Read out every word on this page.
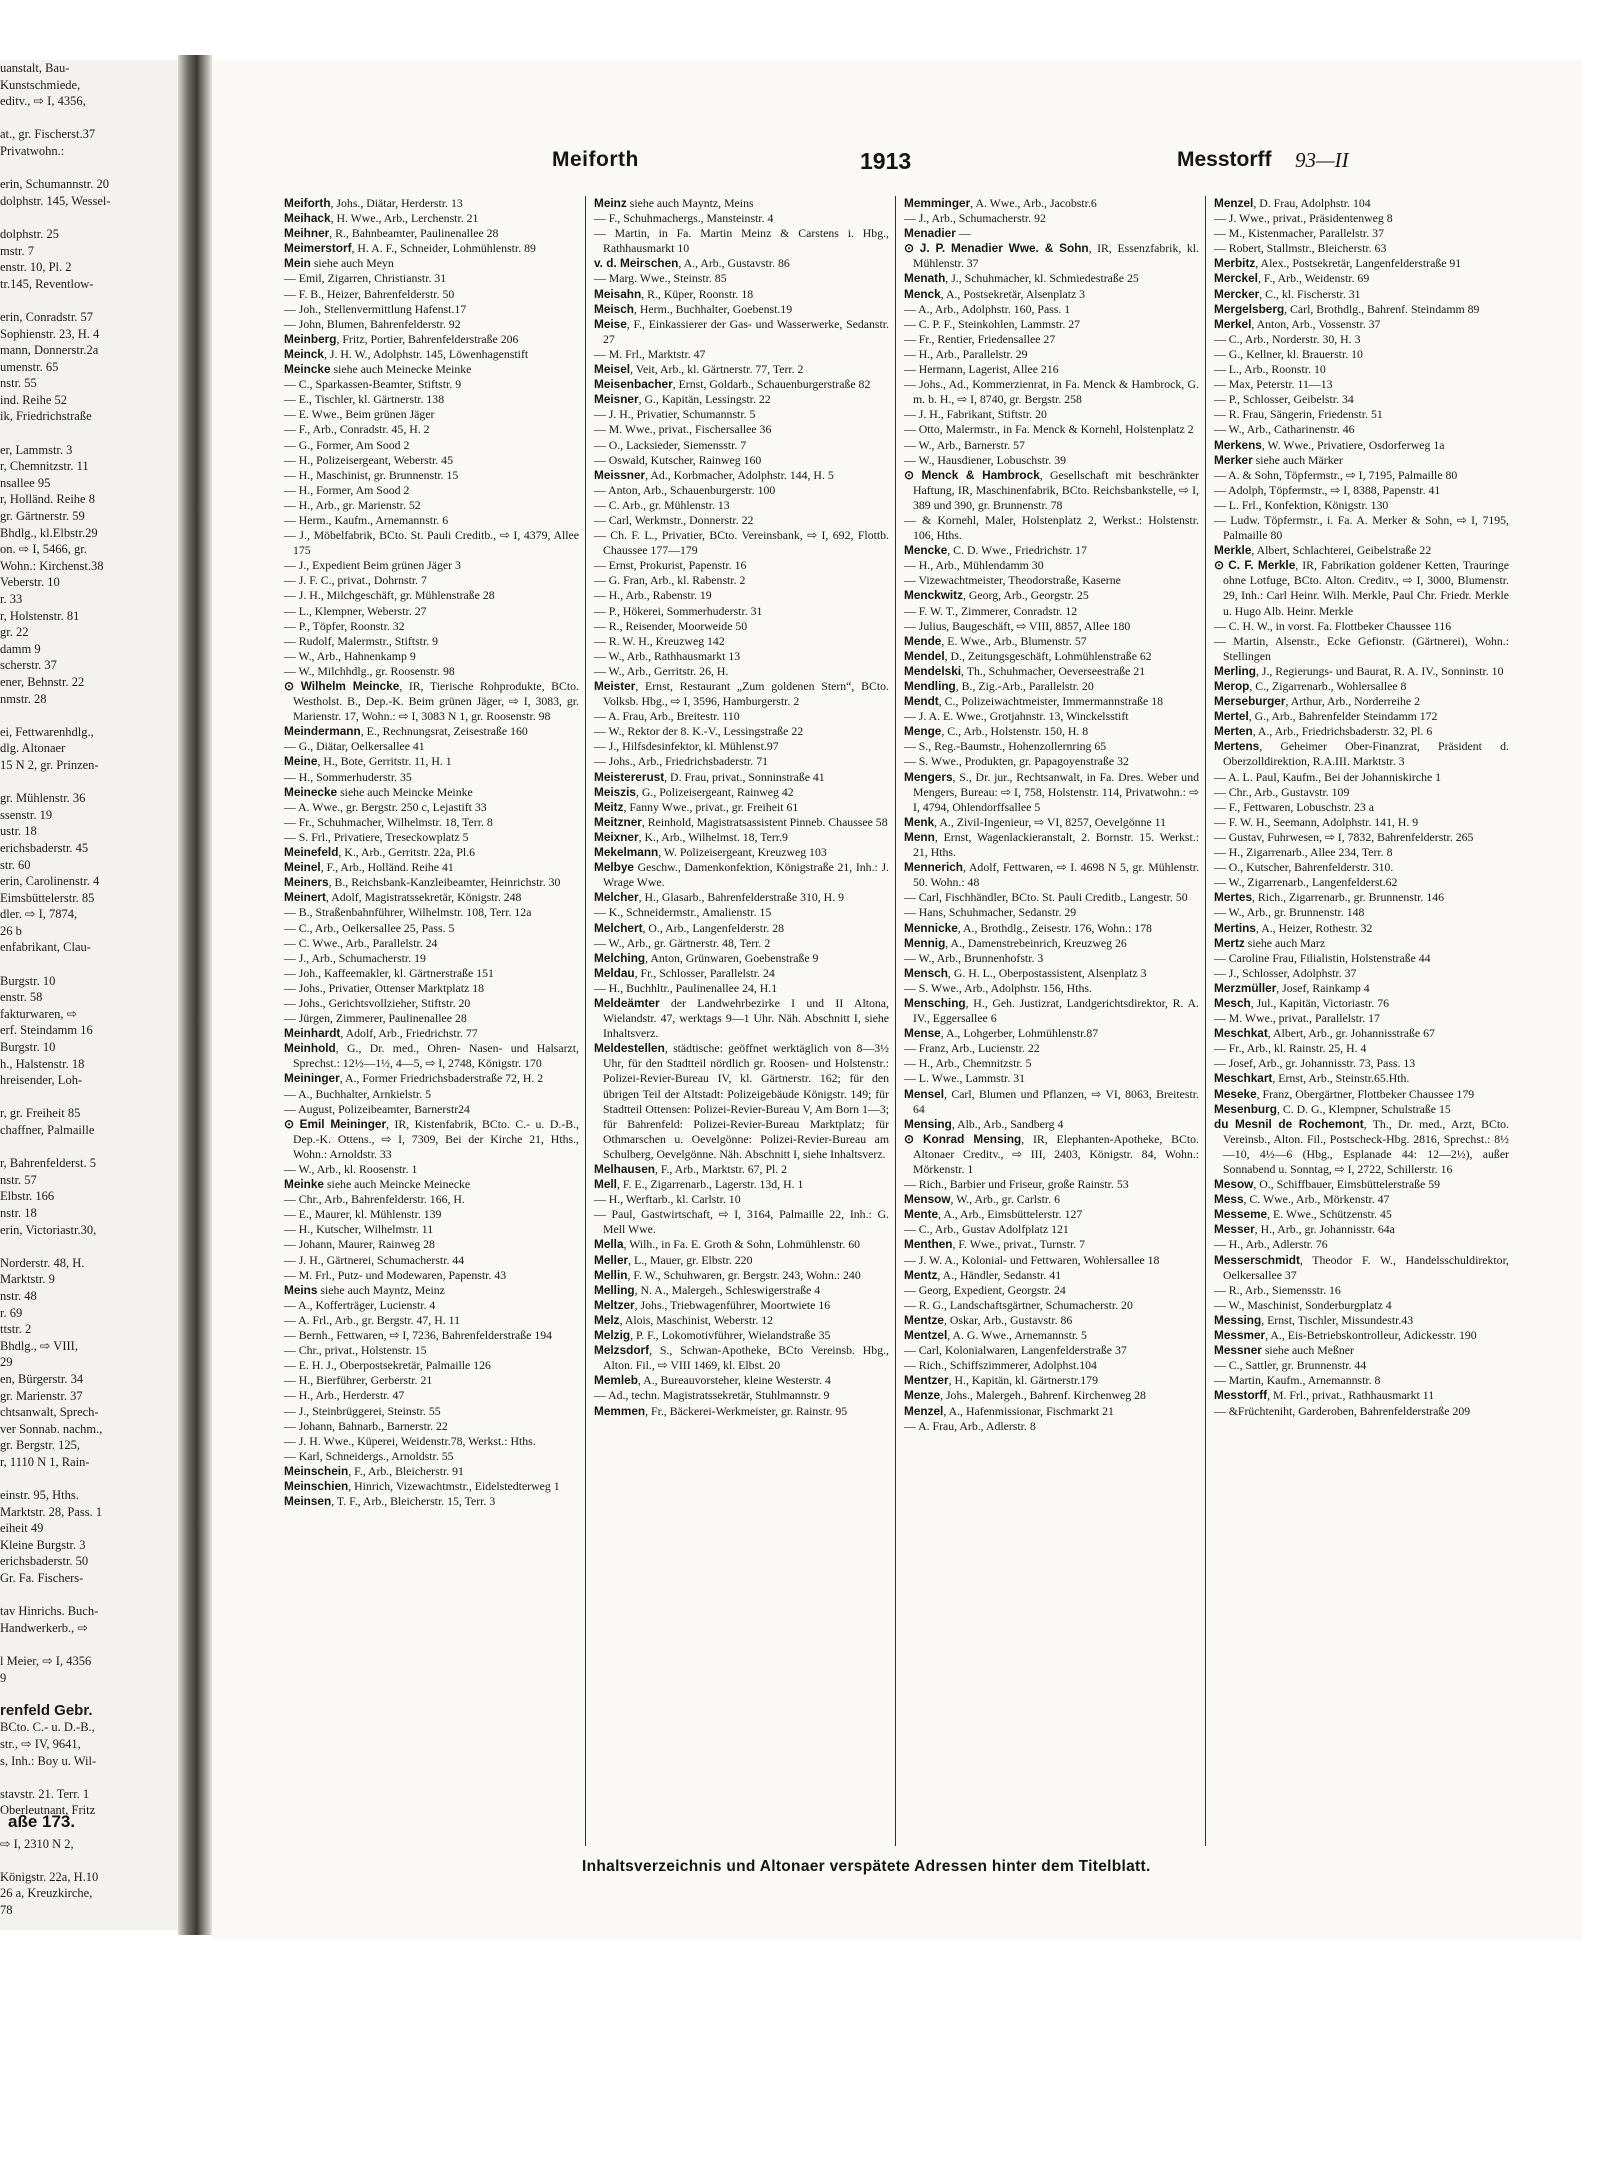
uanstalt, Bau-
Kunstschmiede,
editv., ⇨ I, 4356,

at., gr. Fischerst.37
Privatwohn.:

erin, Schumannstr. 20
dolphstr. 145, Wessel-

dolphstr. 25
mstr. 7
enstr. 10, Pl. 2
tr.145, Reventlow-

erin, Conradstr. 57
Sophienstr. 23, H. 4
mann, Donnerstr.2a
umenstr. 65
nstr. 55
ind. Reihe 52
ik, Friedrichstraße

er, Lammstr. 3
r, Chemnitzstr. 11
nsallee 95
r, Holländ. Reihe 8
gr. Gärtnerstr. 59
Bhdlg., kl.Elbstr.29
on. ⇨ I, 5466, gr.
Wohn.: Kirchenst.38
Veberstr. 10
r. 33
r, Holstenstr. 81
gr. 22
damm 9
scherstr. 37
ener, Behnstr. 22
nmstr. 28

ei, Fettwarenhdlg.,
dlg. Altonaer
15 N 2, gr. Prinzen-

gr. Mühlenstr. 36
ssenstr. 19
ustr. 18
erichsbaderstr. 45
str. 60
erin, Carolinenstr. 4
Eimsbüttelerstr. 85
dler. ⇨ I, 7874,
26 b
enfabrikant, Clau-

Burgstr. 10
enstr. 58
fakturwaren, ⇨
erf. Steindamm 16
Burgstr. 10
h., Halstenstr. 18
hreisender, Loh-

r, gr. Freiheit 85
chaffner, Palmaille

r, Bahrenfelderst. 5
nstr. 57
Elbstr. 166
nstr. 18
erin, Victoriastr.30,

Norderstr. 48, H.
Marktstr. 9
nstr. 48
r. 69
ttstr. 2
Bhdlg., ⇨ VIII,
29
en, Bürgerstr. 34
gr. Marienstr. 37
chtsanwalt, Sprech-
ver Sonnab. nachm.,
gr. Bergstr. 125,
r, 1110 N 1, Rain-

einstr. 95, Hths.
Marktstr. 28, Pass. 1
eiheit 49
Kleine Burgstr. 3
erichsbaderstr. 50
Gr. Fa. Fischers-

tav Hinrichs. Buch-
Handwerkerb., ⇨

l Meier, ⇨ I, 4356
9

renfeld Gebr.
BCto. C.- u. D.-B.,
str., ⇨ IV, 9641,
s, Inh.: Boy u. Wil-

stavstr. 21. Terr. 1
Oberleutnant, Fritz

⇨ I, 2310 N 2,

Königstr. 22a, H.10
26 a, Kreuzkirche,
78
aße 173.
Meiforth	1913	Messtorff 93—II
Meiforth, Johs., Diätar, Herderstr. 13
Meihack, H. Wwe., Arb., Lerchenstr. 21
Meihner, R., Bahnbeamter, Paulinenallee 28
Meimerstorf, H. A. F., Schneider, Lohmühlenstr. 89
Mein siehe auch Meyn
— Emil, Zigarren, Christianstr. 31
— F. B., Heizer, Bahrenfelderstr. 50
— Joh., Stellenvermittlung Hafenst.17
— John, Blumen, Bahrenfelderstr. 92
Meinberg, Fritz, Portier, Bahrenfelderstraße 206
Meinck, J. H. W., Adolphstr. 145, Löwenhagenstift
Meincke siehe auch Meinecke Meinke
— C., Sparkassen-Beamter, Stiftstr. 9
— E., Tischler, kl. Gärtnerstr. 138
— E. Wwe., Beim grünen Jäger
— F., Arb., Conradstr. 45, H. 2
— G., Former, Am Sood 2
— H., Polizeisergeant, Weberstr. 45
— H., Maschinist, gr. Brunnenstr. 15
— H., Former, Am Sood 2
— H., Arb., gr. Marienstr. 52
— Herm., Kaufm., Arnemannstr. 6
— J., Möbelfabrik, BCto. St. Pauli Creditb., ⇨ I, 4379, Allee 175
— J., Expedient Beim grünen Jäger 3
— J. F. C., privat., Dohrnstr. 7
— J. H., Milchgeschäft, gr. Mühlenstraße 28
— L., Klempner, Weberstr. 27
— P., Töpfer, Roonstr. 32
— Rudolf, Malermstr., Stiftstr. 9
— W., Arb., Hahnenkamp 9
— W., Milchhdlg., gr. Roosenstr. 98
⊙ Wilhelm Meincke, IR, Tierische Rohprodukte, BCto. Westholst. B., Dep.-K. Beim grünen Jäger, ⇨ I, 3083, gr. Marienstr. 17, Wohn.: ⇨ I, 3083 N 1, gr. Roosenstr. 98
Meindermann, E., Rechnungsrat, Zeisestraße 160
— G., Diätar, Oelkersallee 41
Meine, H., Bote, Gerritstr. 11, H. 1
— H., Sommerhuderstr. 35
Meinecke siehe auch Meincke Meinke
— A. Wwe., gr. Bergstr. 250 c, Lejastift 33
— Fr., Schuhmacher, Wilhelmstr. 18, Terr. 8
— S. Frl., Privatiere, Treseckowplatz 5
Meinefeld, K., Arb., Gerritstr. 22a, Pl.6
Meinel, F., Arb., Holländ. Reihe 41
Meiners, B., Reichsbank-Kanzleibeamter, Heinrichstr. 30
Meinert, Adolf, Magistratssekretär, Königstr. 248
— B., Straßenbahnführer, Wilhelmstr. 108, Terr. 12a
— C., Arb., Oelkersallee 25, Pass. 5
— C. Wwe., Arb., Parallelstr. 24
— J., Arb., Schumacherstr. 19
— Joh., Kaffeemakler, kl. Gärtnerstraße 151
— Johs., Privatier, Ottenser Marktplatz 18
— Johs., Gerichtsvollzieher, Stiftstr. 20
— Jürgen, Zimmerer, Paulinenallee 28
Meinhardt, Adolf, Arb., Friedrichstr. 77
Meinhold, G., Dr. med., Ohren- Nasen- und Halsarzt, Sprechst.: 12½—1½, 4—5, ⇨ I, 2748, Königstr. 170
Meininger, A., Former Friedrichsbaderstraße 72, H. 2
— A., Buchhalter, Arnkielstr. 5
— August, Polizeibeamter, Barnerstr24
⊙ Emil Meininger, IR, Kistenfabrik, BCto. C.- u. D.-B., Dep.-K. Ottens., ⇨ I, 7309, Bei der Kirche 21, Hths., Wohn.: Arnoldstr. 33
— W., Arb., kl. Roosenstr. 1
Meinke siehe auch Meincke Meinecke
— Chr., Arb., Bahrenfelderstr. 166, H.
— E., Maurer, kl. Mühlenstr. 139
— H., Kutscher, Wilhelmstr. 11
— Johann, Maurer, Rainweg 28
— J. H., Gärtnerei, Schumacherstr. 44
— M. Frl., Putz- und Modewaren, Papenstr. 43
Meins siehe auch Mayntz, Meinz
— A., Kofferträger, Lucienstr. 4
— A. Frl., Arb., gr. Bergstr. 47, H. 11
— Bernh., Fettwaren, ⇨ I, 7236, Bahrenfelderstraße 194
— Chr., privat., Holstenstr. 15
— E. H. J., Oberpostsekretär, Palmaille 126
— H., Bierführer, Gerberstr. 21
— H., Arb., Herderstr. 47
— J., Steinbrüggerei, Steinstr. 55
— Johann, Bahnarb., Barnerstr. 22
— J. H. Wwe., Küperei, Weidenstr.78, Werkst.: Hths.
— Karl, Schneidergs., Arnoldstr. 55
Meinschein, F., Arb., Bleicherstr. 91
Meinschien, Hinrich, Vizewachtmstr., Eidelstedterweg 1
Meinsen, T. F., Arb., Bleicherstr. 15, Terr. 3
Meinz siehe auch Mayntz, Meins
— F., Schuhmachergs., Mansteinstr. 4
— Martin, in Fa. Martin Meinz & Carstens i. Hbg., Rathhausmarkt 10
v. d. Meirschen, A., Arb., Gustavstr. 86
— Marg. Wwe., Steinstr. 85
Meisahn, R., Küper, Roonstr. 18
Meisch, Herm., Buchhalter, Goebenst.19
Meise, F., Einkassierer der Gas- und Wasserwerke, Sedanstr. 27
— M. Frl., Marktstr. 47
Meisel, Veit, Arb., kl. Gärtnerstr. 77, Terr. 2
Meisenbacher, Ernst, Goldarb., Schauenburgerstraße 82
Meisner, G., Kapitän, Lessingstr. 22
— J. H., Privatier, Schumannstr. 5
— M. Wwe., privat., Fischersallee 36
— O., Lacksieder, Siemensstr. 7
— Oswald, Kutscher, Rainweg 160
Meissner, Ad., Korbmacher, Adolphstr. 144, H. 5
— Anton, Arb., Schauenburgerstr. 100
— C. Arb., gr. Mühlenstr. 13
— Carl, Werkmstr., Donnerstr. 22
— Ch. F. L., Privatier, BCto. Vereinsbank, ⇨ I, 692, Flottb. Chaussee 177—179
— Ernst, Prokurist, Papenstr. 16
— G. Fran, Arb., kl. Rabenstr. 2
— H., Arb., Rabenstr. 19
— P., Hökerei, Sommerhuderstr. 31
— R., Reisender, Moorweide 50
— R. W. H., Kreuzweg 142
— W., Arb., Rathhausmarkt 13
— W., Arb., Gerritstr. 26, H.
Meister, Ernst, Restaurant „Zum goldenen Stern“, BCto. Volksb. Hbg., ⇨ I, 3596, Hamburgerstr. 2
— A. Frau, Arb., Breitestr. 110
— W., Rektor der 8. K.-V., Lessingstraße 22
— J., Hilfsdesinfektor, kl. Mühlenst.97
— Johs., Arb., Friedrichsbaderstr. 71
Meistererust, D. Frau, privat., Sonninstraße 41
Meiszis, G., Polizeisergeant, Rainweg 42
Meitz, Fanny Wwe., privat., gr. Freiheit 61
Meitzner, Reinhold, Magistratsassistent Pinneb. Chaussee 58
Meixner, K., Arb., Wilhelmst. 18, Terr.9
Mekelmann, W. Polizeisergeant, Kreuzweg 103
Melbye Geschw., Damenkonfektion, Königstraße 21, Inh.: J. Wrage Wwe.
Melcher, H., Glasarb., Bahrenfelderstraße 310, H. 9
— K., Schneidermstr., Amalienstr. 15
Melchert, O., Arb., Langenfelderstr. 28
— W., Arb., gr. Gärtnerstr. 48, Terr. 2
Melching, Anton, Grünwaren, Goebenstraße 9
Meldau, Fr., Schlosser, Parallelstr. 24
— H., Buchhltr., Paulinenallee 24, H.1
Meldeämter der Landwehrbezirke I und II Altona, Wielandstr. 47, werktags 9—1 Uhr. Näh. Abschnitt I, siehe Inhaltsverz.
Meldestellen, städtische: geöffnet werktäglich von 8—3½ Uhr, für den Stadtteil nördlich gr. Roosen- und Holstenstr.: Polizei-Revier-Bureau IV, kl. Gärtnerstr. 162; für den übrigen Teil der Altstadt: Polizeigebäude Königstr. 149; für Stadtteil Ottensen: Polizei-Revier-Bureau V, Am Born 1—3; für Bahrenfeld: Polizei-Revier-Bureau Marktplatz; für Othmarschen u. Oevelgönne: Polizei-Revier-Bureau am Schulberg, Oevelgönne. Näh. Abschnitt I, siehe Inhaltsverz.
Melhausen, F., Arb., Marktstr. 67, Pl. 2
Mell, F. E., Zigarrenarb., Lagerstr. 13d, H. 1
— H., Werftarb., kl. Carlstr. 10
— Paul, Gastwirtschaft, ⇨ I, 3164, Palmaille 22, Inh.: G. Mell Wwe.
Mella, Wilh., in Fa. E. Groth & Sohn, Lohmühlenstr. 60
Meller, L., Mauer, gr. Elbstr. 220
Mellin, F. W., Schuhwaren, gr. Bergstr. 243, Wohn.: 240
Melling, N. A., Malergeh., Schleswigerstraße 4
Meltzer, Johs., Triebwagenführer, Moortwiete 16
Melz, Alois, Maschinist, Weberstr. 12
Melzig, P. F., Lokomotivführer, Wielandstraße 35
Melzsdorf, S., Schwan-Apotheke, BCto Vereinsb. Hbg., Alton. Fil., ⇨ VIII 1469, kl. Elbst. 20
Memleb, A., Bureauvorsteher, kleine Westerstr. 4
— Ad., techn. Magistratssekretär, Stuhlmannstr. 9
Memmen, Fr., Bäckerei-Werkmeister, gr. Rainstr. 95
Memminger, A. Wwe., Arb., Jacobstr.6
— J., Arb., Schumacherstr. 92
Menadier —
⊙ J. P. Menadier Wwe. & Sohn, IR, Essenzfabrik, kl. Mühlenstr. 37
Menath, J., Schuhmacher, kl. Schmiedestraße 25
Menck, A., Postsekretär, Alsenplatz 3
— A., Arb., Adolphstr. 160, Pass. 1
— C. P. F., Steinkohlen, Lammstr. 27
— Fr., Rentier, Friedensallee 27
— H., Arb., Parallelstr. 29
— Hermann, Lagerist, Allee 216
— Johs., Ad., Kommerzienrat, in Fa. Menck & Hambrock, G. m. b. H., ⇨ I, 8740, gr. Bergstr. 258
— J. H., Fabrikant, Stiftstr. 20
— Otto, Malermstr., in Fa. Menck & Kornehl, Holstenplatz 2
— W., Arb., Barnerstr. 57
— W., Hausdiener, Lobuschstr. 39
⊙ Menck & Hambrock, Gesellschaft mit beschränkter Haftung, IR, Maschinenfabrik, BCto. Reichsbankstelle, ⇨ I, 389 und 390, gr. Brunnenstr. 78
— & Kornehl, Maler, Holstenplatz 2, Werkst.: Holstenstr. 106, Hths.
Mencke, C. D. Wwe., Friedrichstr. 17
— H., Arb., Mühlendamm 30
— Vizewachtmeister, Theodorstraße, Kaserne
Menckwitz, Georg, Arb., Georgstr. 25
— F. W. T., Zimmerer, Conradstr. 12
— Julius, Baugeschäft, ⇨ VIII, 8857, Allee 180
Mende, E. Wwe., Arb., Blumenstr. 57
Mendel, D., Zeitungsgeschäft, Lohmühlenstraße 62
Mendelski, Th., Schuhmacher, Oeverseestraße 21
Mendling, B., Zig.-Arb., Parallelstr. 20
Mendt, C., Polizeiwachtmeister, Immermannstraße 18
— J. A. E. Wwe., Grotjahnstr. 13, Winckelsstift
Menge, C., Arb., Holstenstr. 150, H. 8
— S., Reg.-Baumstr., Hohenzollernring 65
— S. Wwe., Produkten, gr. Papagoyenstraße 32
Mengers, S., Dr. jur., Rechtsanwalt, in Fa. Dres. Weber und Mengers, Bureau: ⇨ I, 758, Holstenstr. 114, Privatwohn.: ⇨ I, 4794, Ohlendorffsallee 5
Menk, A., Zivil-Ingenieur, ⇨ VI, 8257, Oevelgönne 11
Menn, Ernst, Wagenlackieranstalt, 2. Bornstr. 15. Werkst.: 21, Hths.
Mennerich, Adolf, Fettwaren, ⇨ I. 4698 N 5, gr. Mühlenstr. 50. Wohn.: 48
— Carl, Fischhändler, BCto. St. Pauli Creditb., Langestr. 50
— Hans, Schuhmacher, Sedanstr. 29
Mennicke, A., Brothdlg., Zeisestr. 176, Wohn.: 178
Mennig, A., Damenstrebeinrich, Kreuzweg 26
— W., Arb., Brunnenhofstr. 3
Mensch, G. H. L., Oberpostassistent, Alsenplatz 3
— S. Wwe., Arb., Adolphstr. 156, Hths.
Mensching, H., Geh. Justizrat, Landgerichtsdirektor, R. A. IV., Eggersallee 6
Mense, A., Lohgerber, Lohmühlenstr.87
— Franz, Arb., Lucienstr. 22
— H., Arb., Chemnitzstr. 5
— L. Wwe., Lammstr. 31
Mensel, Carl, Blumen und Pflanzen, ⇨ VI, 8063, Breitestr. 64
Mensing, Alb., Arb., Sandberg 4
⊙ Konrad Mensing, IR, Elephanten-Apotheke, BCto. Altonaer Creditv., ⇨ III, 2403, Königstr. 84, Wohn.: Mörkenstr. 1
— Rich., Barbier und Friseur, große Rainstr. 53
Mensow, W., Arb., gr. Carlstr. 6
Mente, A., Arb., Eimsbüttelerstr. 127
— C., Arb., Gustav Adolfplatz 121
Menthen, F. Wwe., privat., Turnstr. 7
— J. W. A., Kolonial- und Fettwaren, Wohlersallee 18
Mentz, A., Händler, Sedanstr. 41
— Georg, Expedient, Georgstr. 24
— R. G., Landschaftsgärtner, Schumacherstr. 20
Mentze, Oskar, Arb., Gustavstr. 86
Mentzel, A. G. Wwe., Arnemannstr. 5
— Carl, Kolonialwaren, Langenfelderstraße 37
— Rich., Schiffszimmerer, Adolphst.104
Mentzer, H., Kapitän, kl. Gärtnerstr.179
Menze, Johs., Malergeh., Bahrenf. Kirchenweg 28
Menzel, A., Hafenmissionar, Fischmarkt 21
— A. Frau, Arb., Adlerstr. 8
Menzel, D. Frau, Adolphstr. 104
— J. Wwe., privat., Präsidentenweg 8
— M., Kistenmacher, Parallelstr. 37
— Robert, Stallmstr., Bleicherstr. 63
Merbitz, Alex., Postsekretär, Langenfelderstraße 91
Merckel, F., Arb., Weidenstr. 69
Mercker, C., kl. Fischerstr. 31
Mergelsberg, Carl, Brothdlg., Bahrenf. Steindamm 89
Merkel, Anton, Arb., Vossenstr. 37
— C., Arb., Norderstr. 30, H. 3
— G., Kellner, kl. Brauerstr. 10
— L., Arb., Roonstr. 10
— Max, Peterstr. 11—13
— P., Schlosser, Geibelstr. 34
— R. Frau, Sängerin, Friedenstr. 51
— W., Arb., Catharinenstr. 46
Merkens, W. Wwe., Privatiere, Osdorferweg 1a
Merker siehe auch Märker
— A. & Sohn, Töpfermstr., ⇨ I, 7195, Palmaille 80
— Adolph, Töpfermstr., ⇨ I, 8388, Papenstr. 41
— L. Frl., Konfektion, Königstr. 130
— Ludw. Töpfermstr., i. Fa. A. Merker & Sohn, ⇨ I, 7195, Palmaille 80
Merkle, Albert, Schlachterei, Geibelstraße 22
⊙ C. F. Merkle, IR, Fabrikation goldener Ketten, Trauringe ohne Lotfuge, BCto. Alton. Creditv., ⇨ I, 3000, Blumenstr. 29, Inh.: Carl Heinr. Wilh. Merkle, Paul Chr. Friedr. Merkle u. Hugo Alb. Heinr. Merkle
— C. H. W., in vorst. Fa. Flottbeker Chaussee 116
— Martin, Alsenstr., Ecke Gefionstr. (Gärtnerei), Wohn.: Stellingen
Merling, J., Regierungs- und Baurat, R. A. IV., Sonninstr. 10
Merop, C., Zigarrenarb., Wohlersallee 8
Merseburger, Arthur, Arb., Norderreihe 2
Mertel, G., Arb., Bahrenfelder Steindamm 172
Merten, A., Arb., Friedrichsbaderstr. 32, Pl. 6
Mertens, Geheimer Ober-Finanzrat, Präsident d. Oberzolldirektion, R.A.III. Marktstr. 3
— A. L. Paul, Kaufm., Bei der Johanniskirche 1
— Chr., Arb., Gustavstr. 109
— F., Fettwaren, Lobuschstr. 23 a
— F. W. H., Seemann, Adolphstr. 141, H. 9
— Gustav, Fuhrwesen, ⇨ I, 7832, Bahrenfelderstr. 265
— H., Zigarrenarb., Allee 234, Terr. 8
— O., Kutscher, Bahrenfelderstr. 310.
— W., Zigarrenarb., Langenfelderst.62
Mertes, Rich., Zigarrenarb., gr. Brunnenstr. 146
— W., Arb., gr. Brunnenstr. 148
Mertins, A., Heizer, Rothestr. 32
Mertz siehe auch Marz
— Caroline Frau, Filialistin, Holstenstraße 44
— J., Schlosser, Adolphstr. 37
Merzmüller, Josef, Rainkamp 4
Mesch, Jul., Kapitän, Victoriastr. 76
— M. Wwe., privat., Parallelstr. 17
Meschkat, Albert, Arb., gr. Johannisstraße 67
— Fr., Arb., kl. Rainstr. 25, H. 4
— Josef, Arb., gr. Johannisstr. 73, Pass. 13
Meschkart, Ernst, Arb., Steinstr.65.Hth.
Meseke, Franz, Obergärtner, Flottbeker Chaussee 179
Mesenburg, C. D. G., Klempner, Schulstraße 15
du Mesnil de Rochemont, Th., Dr. med., Arzt, BCto. Vereinsb., Alton. Fil., Postscheck-Hbg. 2816, Sprechst.: 8½—10, 4½—6 (Hbg., Esplanade 44: 12—2½), außer Sonnabend u. Sonntag, ⇨ I, 2722, Schillerstr. 16
Mesow, O., Schiffbauer, Eimsbüttelerstraße 59
Mess, C. Wwe., Arb., Mörkenstr. 47
Messeme, E. Wwe., Schützenstr. 45
Messer, H., Arb., gr. Johannisstr. 64a
— H., Arb., Adlerstr. 76
Messerschmidt, Theodor F. W., Handelsschuldirektor, Oelkersallee 37
— R., Arb., Siemensstr. 16
— W., Maschinist, Sonderburgplatz 4
Messing, Ernst, Tischler, Missundestr.43
Messmer, A., Eis-Betriebskontrolleur, Adickesstr. 190
Messner siehe auch Meßner
— C., Sattler, gr. Brunnenstr. 44
— Martin, Kaufm., Arnemannstr. 8
Messtorff, M. Frl., privat., Rathhausmarkt 11
— &Früchteniht, Garderoben, Bahrenfelderstraße 209
Inhaltsverzeichnis und Altonaer verspätete Adressen hinter dem Titelblatt.
